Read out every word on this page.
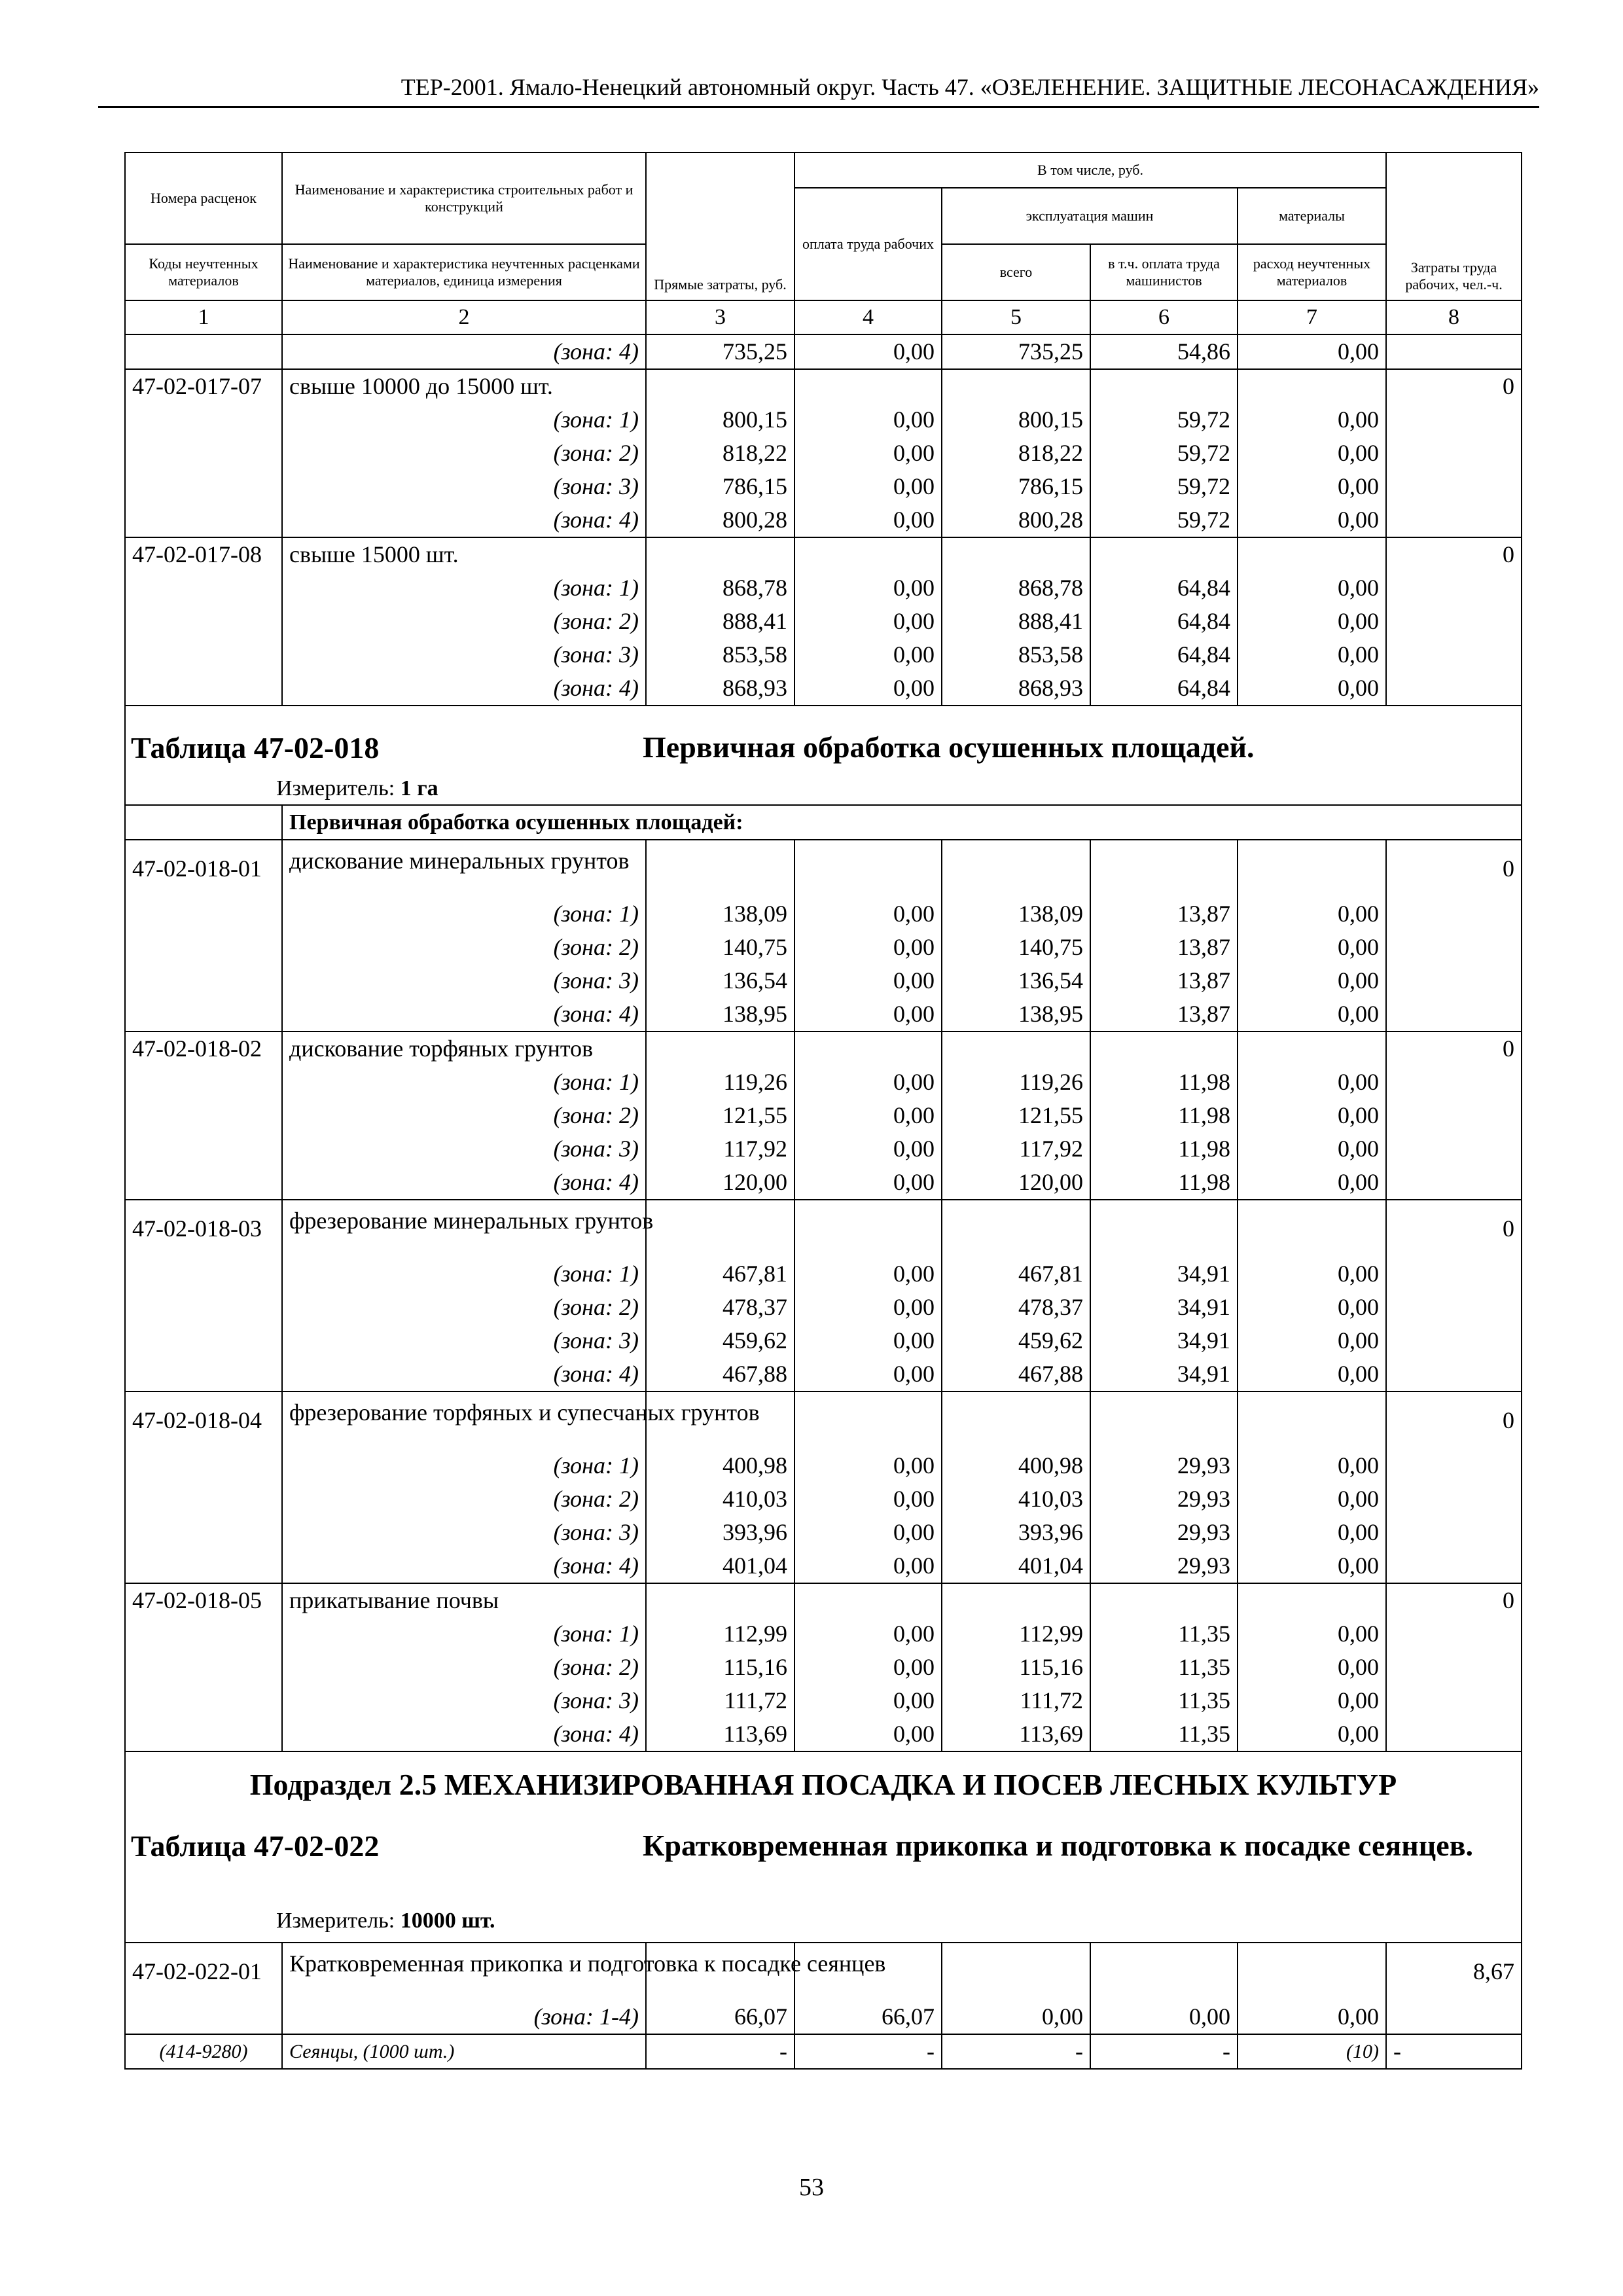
ТЕР-2001. Ямало-Ненецкий автономный округ. Часть 47. «ОЗЕЛЕНЕНИЕ. ЗАЩИТНЫЕ ЛЕСОНАСАЖДЕНИЯ»
Номера расценок	Наименование и характеристика строительных работ и конструкций	Прямые затраты, руб.	В том числе, руб.				Затраты труда рабочих, чел.-ч.
			оплата труда рабочих	эксплуатация машин		материалы	
Коды неучтенных материалов	Наименование и характеристика неучтенных расценками материалов, единица измерения			всего	в т.ч. оплата труда машинистов	расход неучтенных материалов	
1	2	3	4	5	6	7	8
	(зона: 4)	735,25	0,00	735,25	54,86	0,00	
47-02-017-07	свыше 10000 до 15000 шт.						0
	(зона: 1)	800,15	0,00	800,15	59,72	0,00	
	(зона: 2)	818,22	0,00	818,22	59,72	0,00	
	(зона: 3)	786,15	0,00	786,15	59,72	0,00	
	(зона: 4)	800,28	0,00	800,28	59,72	0,00	
47-02-017-08	свыше 15000 шт.						0
	(зона: 1)	868,78	0,00	868,78	64,84	0,00	
	(зона: 2)	888,41	0,00	888,41	64,84	0,00	
	(зона: 3)	853,58	0,00	853,58	64,84	0,00	
	(зона: 4)	868,93	0,00	868,93	64,84	0,00	

Таблица 47-02-018 Первичная обработка осушенных площадей.
Измеритель: 1 га							

	Первичная обработка осушенных площадей:						
47-02-018-01	дискование минеральных грунтов						0
	(зона: 1)	138,09	0,00	138,09	13,87	0,00	
	(зона: 2)	140,75	0,00	140,75	13,87	0,00	
	(зона: 3)	136,54	0,00	136,54	13,87	0,00	
	(зона: 4)	138,95	0,00	138,95	13,87	0,00	
47-02-018-02	дискование торфяных грунтов						0
	(зона: 1)	119,26	0,00	119,26	11,98	0,00	
	(зона: 2)	121,55	0,00	121,55	11,98	0,00	
	(зона: 3)	117,92	0,00	117,92	11,98	0,00	
	(зона: 4)	120,00	0,00	120,00	11,98	0,00	
47-02-018-03	фрезерование минеральных грунтов						0
	(зона: 1)	467,81	0,00	467,81	34,91	0,00	
	(зона: 2)	478,37	0,00	478,37	34,91	0,00	
	(зона: 3)	459,62	0,00	459,62	34,91	0,00	
	(зона: 4)	467,88	0,00	467,88	34,91	0,00	
47-02-018-04	фрезерование торфяных и супесчаных грунтов						0
	(зона: 1)	400,98	0,00	400,98	29,93	0,00	
	(зона: 2)	410,03	0,00	410,03	29,93	0,00	
	(зона: 3)	393,96	0,00	393,96	29,93	0,00	
	(зона: 4)	401,04	0,00	401,04	29,93	0,00	
47-02-018-05	прикатывание почвы						0
	(зона: 1)	112,99	0,00	112,99	11,35	0,00	
	(зона: 2)	115,16	0,00	115,16	11,35	0,00	
	(зона: 3)	111,72	0,00	111,72	11,35	0,00	
	(зона: 4)	113,69	0,00	113,69	11,35	0,00	

Подраздел 2.5 МЕХАНИЗИРОВАННАЯ ПОСАДКА И ПОСЕВ ЛЕСНЫХ КУЛЬТУР
Таблица 47-02-022 Кратковременная прикопка и подготовка к посадке сеянцев.
Измеритель: 10000 шт.							

47-02-022-01	Кратковременная прикопка и подготовка к посадке сеянцев						8,67
	(зона: 1-4)	66,07	66,07	0,00	0,00	0,00	
(414-9280)	Сеянцы, (1000 шт.)	-	-	-	-	(10)	-
53
